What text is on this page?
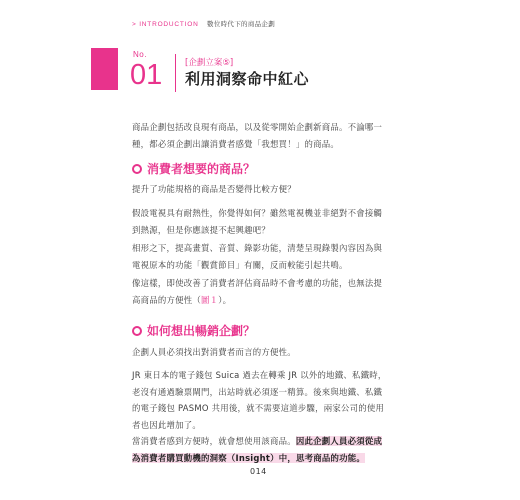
> INTRODUCTION 數位時代下的商品企劃
No.
01	[企劃立案⑤]
利用洞察命中紅心
商品企劃包括改良現有商品，以及從零開始企劃新商品。不論哪一
種，都必須企劃出讓消費者感覺「我想買！」的商品。
消費者想要的商品？
提升了功能規格的商品是否變得比較方便？
假設電視具有耐熱性，你覺得如何？雖然電視機並非絕對不會接觸
到熱源，但是你應該提不起興趣吧？
相形之下，提高畫質、音質、錄影功能，清楚呈現錄製內容因為與
電視原本的功能「觀賞節目」有關，反而較能引起共鳴。
像這樣，即使改善了消費者評估商品時不會考慮的功能，也無法提
高商品的方便性（圖１）。
如何想出暢銷企劃？
企劃人員必須找出對消費者而言的方便性。
JR 東日本的電子錢包 Suica 過去在轉乘 JR 以外的地鐵、私鐵時，
老沒有通過驗票閘門，出站時就必須逐一精算。後來與地鐵、私鐵
的電子錢包 PASMO 共用後，就不需要這道步驟，兩家公司的使用
者也因此增加了。
當消費者感到方便時，就會想使用該商品。因此企劃人員必須從成
為消費者購買動機的洞察（Insight）中，思考商品的功能。
014
